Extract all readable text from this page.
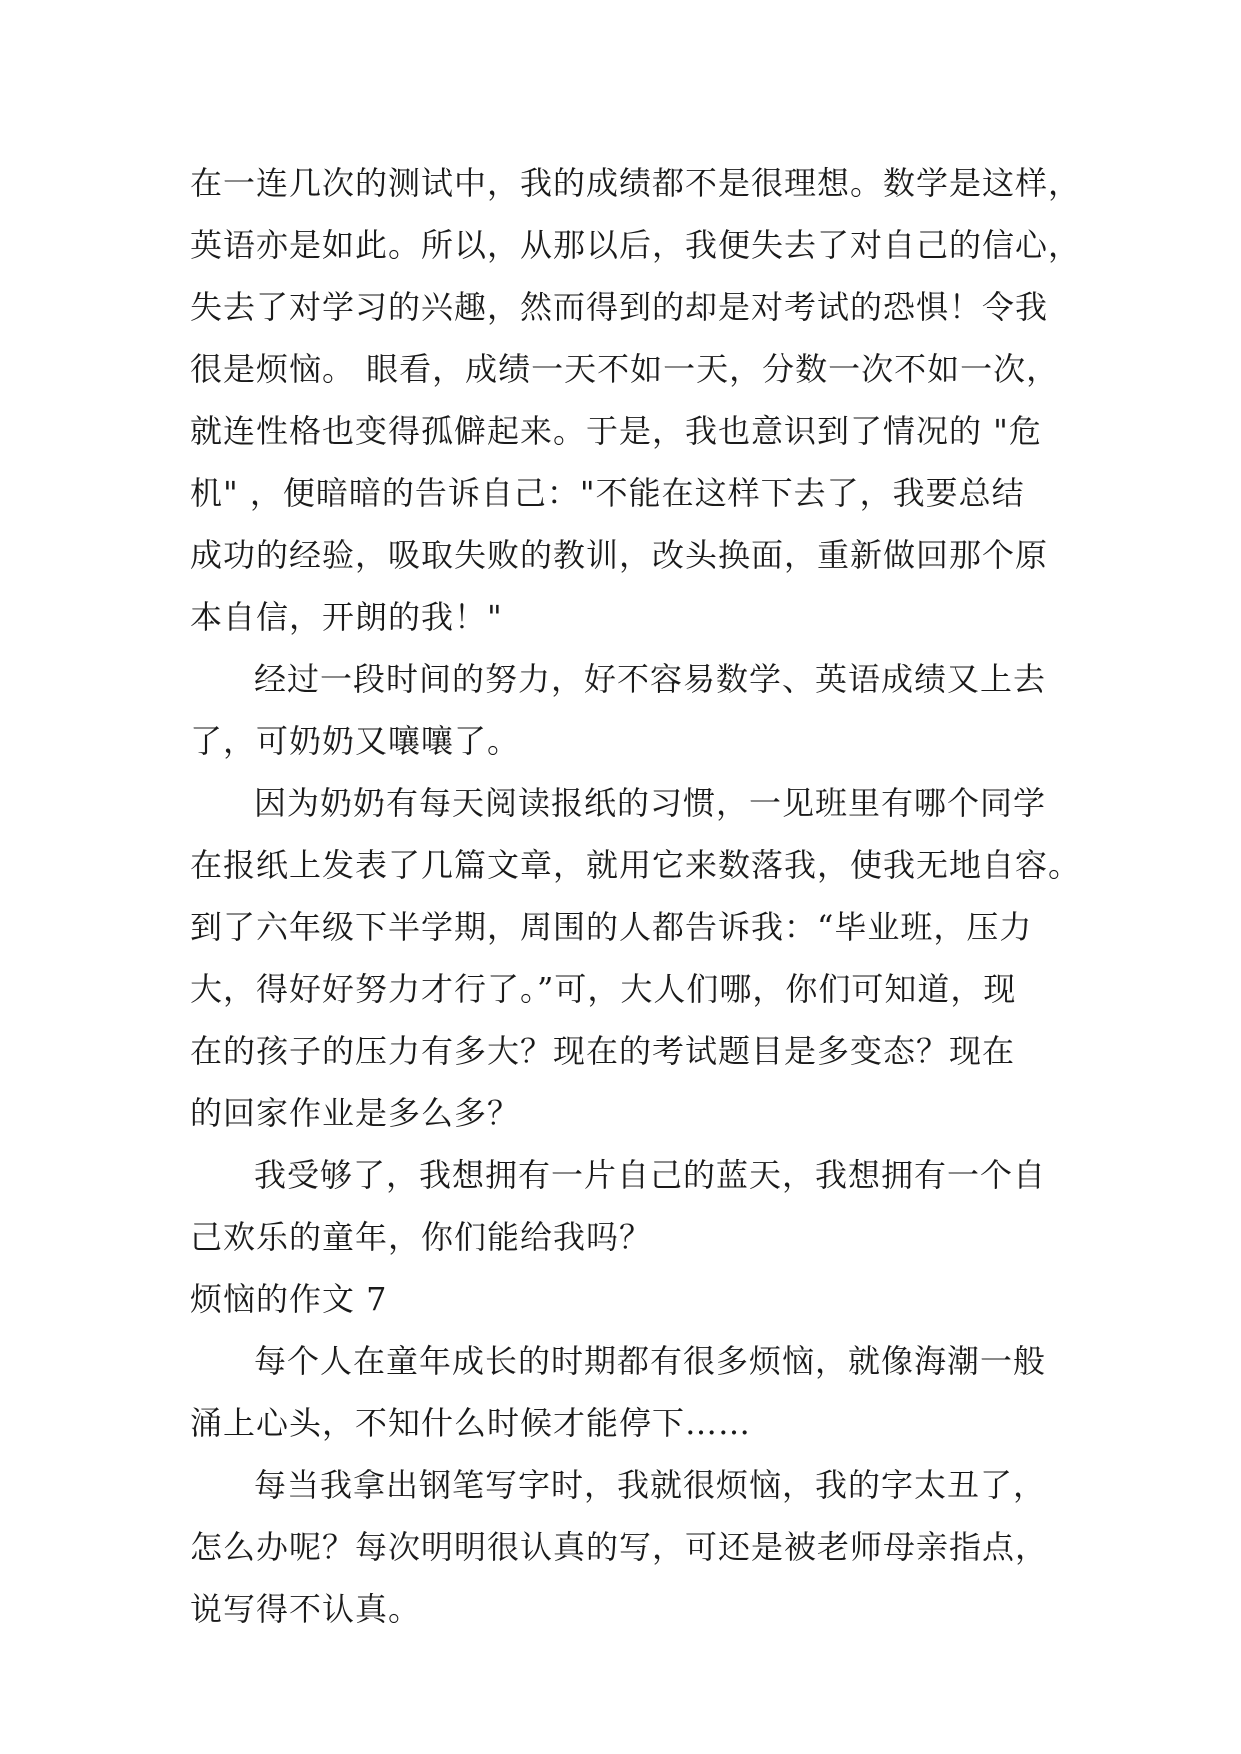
在一连几次的测试中，我的成绩都不是很理想。数学是这样，
英语亦是如此。所以，从那以后，我便失去了对自己的信心，
失去了对学习的兴趣，然而得到的却是对考试的恐惧！令我
很是烦恼。 眼看，成绩一天不如一天，分数一次不如一次，
就连性格也变得孤僻起来。于是，我也意识到了情况的 "危
机" ，便暗暗的告诉自己："不能在这样下去了，我要总结
成功的经验，吸取失败的教训，改头换面，重新做回那个原
本自信，开朗的我！"
经过一段时间的努力，好不容易数学、英语成绩又上去
了，可奶奶又嚷嚷了。
因为奶奶有每天阅读报纸的习惯，一见班里有哪个同学
在报纸上发表了几篇文章，就用它来数落我，使我无地自容。
到了六年级下半学期，周围的人都告诉我：“毕业班，压力
大，得好好努力才行了。”可，大人们哪，你们可知道，现
在的孩子的压力有多大？现在的考试题目是多变态？现在
的回家作业是多么多？
我受够了，我想拥有一片自己的蓝天，我想拥有一个自
己欢乐的童年，你们能给我吗？
烦恼的作文 7
每个人在童年成长的时期都有很多烦恼，就像海潮一般
涌上心头，不知什么时候才能停下……
每当我拿出钢笔写字时，我就很烦恼，我的字太丑了，
怎么办呢？每次明明很认真的写，可还是被老师母亲指点，
说写得不认真。
